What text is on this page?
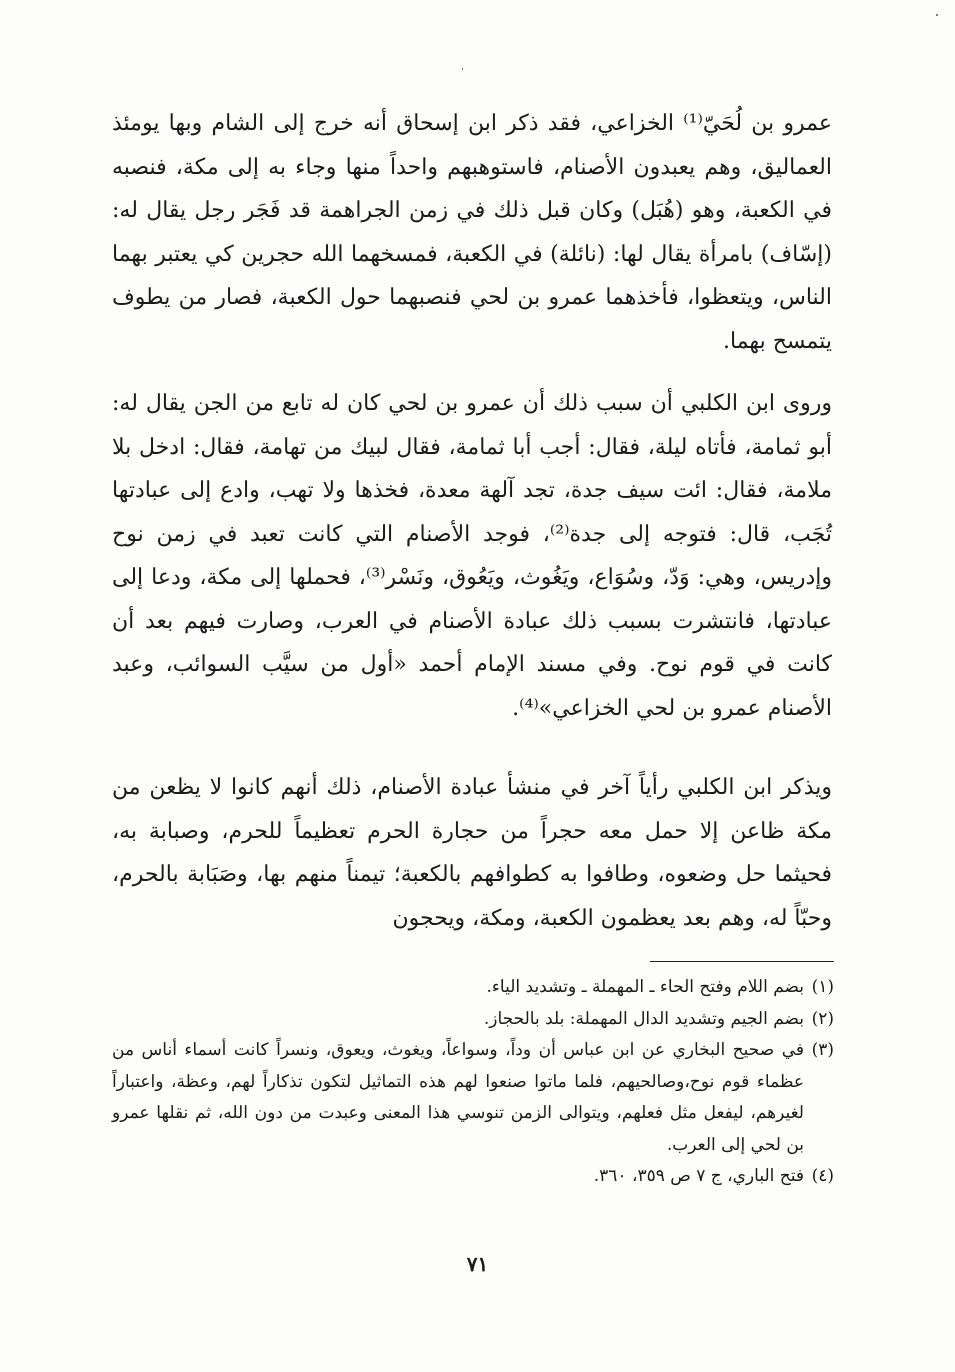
عمرو بن لُحَيّ⁽¹⁾ الخزاعي، فقد ذكر ابن إسحاق أنه خرج إلى الشام وبها يومئذ العماليق، وهم يعبدون الأصنام، فاستوهبهم واحداً منها وجاء به إلى مكة، فنصبه في الكعبة، وهو (هُبَل) وكان قبل ذلك في زمن الجراهمة قد فَجَر رجل يقال له: (إسّاف) بامرأة يقال لها: (نائلة) في الكعبة، فمسخهما الله حجرين كي يعتبر بهما الناس، ويتعظوا، فأخذهما عمرو بن لحي فنصبهما حول الكعبة، فصار من يطوف يتمسح بهما.

وروى ابن الكلبي أن سبب ذلك أن عمرو بن لحي كان له تابع من الجن يقال له: أبو ثمامة، فأتاه ليلة، فقال: أجب أبا ثمامة، فقال لبيك من تهامة، فقال: ادخل بلا ملامة، فقال: ائت سيف جدة، تجد آلهة معدة، فخذها ولا تهب، وادع إلى عبادتها تُجَب، قال: فتوجه إلى جدة⁽²⁾، فوجد الأصنام التي كانت تعبد في زمن نوح وإدريس، وهي: وَدّ، وسُوَاع، ويَغُوث، ويَعُوق، ونَسْر⁽³⁾، فحملها إلى مكة، ودعا إلى عبادتها، فانتشرت بسبب ذلك عبادة الأصنام في العرب، وصارت فيهم بعد أن كانت في قوم نوح. وفي مسند الإمام أحمد «أول من سيَّب السوائب، وعبد الأصنام عمرو بن لحي الخزاعي»⁽⁴⁾.

ويذكر ابن الكلبي رأياً آخر في منشأ عبادة الأصنام، ذلك أنهم كانوا لا يظعن من مكة ظاعن إلا حمل معه حجراً من حجارة الحرم تعظيماً للحرم، وصبابة به، فحيثما حل وضعوه، وطافوا به كطوافهم بالكعبة؛ تيمناً منهم بها، وصَبَابة بالحرم، وحبّاً له، وهم بعد يعظمون الكعبة، ومكة، ويحجون

(١)
بضم اللام وفتح الحاء ـ المهملة ـ وتشديد الياء.
(٢)
بضم الجيم وتشديد الدال المهملة: بلد بالحجاز.
(٣)
في صحيح البخاري عن ابن عباس أن وداً، وسواعاً، ويغوث، ويعوق، ونسراً كانت أسماء أناس من عظماء قوم نوح،وصالحيهم، فلما ماتوا صنعوا لهم هذه التماثيل لتكون تذكاراً لهم، وعظة، واعتباراً لغيرهم، ليفعل مثل فعلهم، ويتوالى الزمن تنوسي هذا المعنى وعبدت من دون الله، ثم نقلها عمرو بن لحي إلى العرب.
(٤)
فتح الباري، ج ٧ ص ٣٥٩، ٣٦٠.
٧١
